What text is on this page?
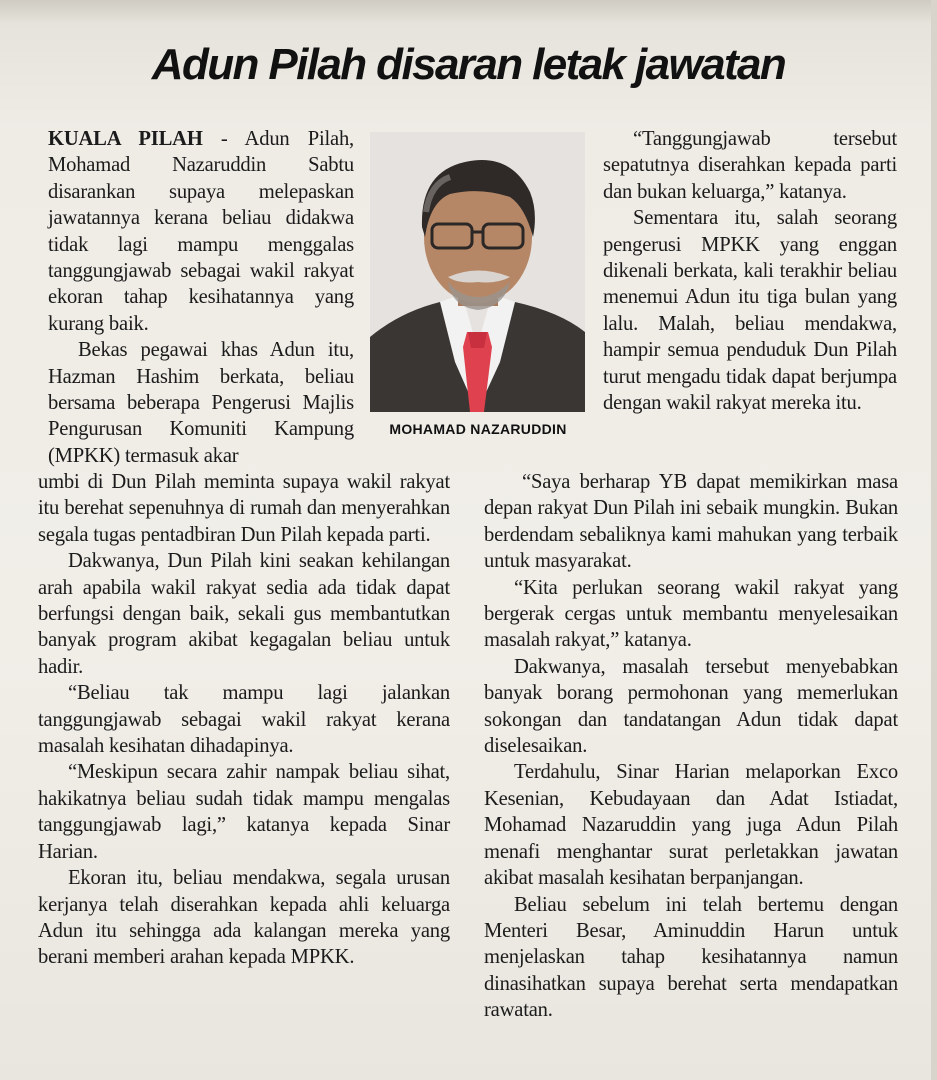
Adun Pilah disaran letak jawatan

KUALA PILAH - Adun Pilah, Mohamad Nazaruddin Sabtu disarankan supaya melepaskan jawatannya kerana beliau didakwa tidak lagi mampu menggalas tanggungjawab sebagai wakil rakyat ekoran tahap kesihatannya yang kurang baik.

Bekas pegawai khas Adun itu, Hazman Hashim berkata, beliau bersama beberapa Pengerusi Majlis Pengurusan Komuniti Kampung (MPKK) termasuk akar

MOHAMAD NAZARUDDIN

umbi di Dun Pilah meminta supaya wakil rakyat itu berehat sepenuhnya di rumah dan menyerahkan segala tugas pentadbiran Dun Pilah kepada parti.

Dakwanya, Dun Pilah kini seakan kehilangan arah apabila wakil rakyat sedia ada tidak dapat berfungsi dengan baik, sekali gus membantutkan banyak program akibat kegagalan beliau untuk hadir.

“Beliau tak mampu lagi jalankan tanggungjawab sebagai wakil rakyat kerana masalah kesihatan dihadapinya.

“Meskipun secara zahir nampak beliau sihat, hakikatnya beliau sudah tidak mampu mengalas tanggungjawab lagi,” katanya kepada Sinar Harian.

Ekoran itu, beliau mendakwa, segala urusan kerjanya telah diserahkan kepada ahli keluarga Adun itu sehingga ada kalangan mereka yang berani memberi arahan kepada MPKK.

“Tanggungjawab tersebut sepatutnya diserahkan kepada parti dan bukan keluarga,” katanya.

Sementara itu, salah seorang pengerusi MPKK yang enggan dikenali berkata, kali terakhir beliau menemui Adun itu tiga bulan yang lalu. Malah, beliau mendakwa, hampir semua penduduk Dun Pilah turut mengadu tidak dapat berjumpa dengan wakil rakyat mereka itu.

“Saya berharap YB dapat memikirkan masa depan rakyat Dun Pilah ini sebaik mungkin. Bukan berdendam sebaliknya kami mahukan yang terbaik untuk masyarakat.

“Kita perlukan seorang wakil rakyat yang bergerak cergas untuk membantu menyelesaikan masalah rakyat,” katanya.

Dakwanya, masalah tersebut menyebabkan banyak borang permohonan yang memerlukan sokongan dan tandatangan Adun tidak dapat diselesaikan.

Terdahulu, Sinar Harian melaporkan Exco Kesenian, Kebudayaan dan Adat Istiadat, Mohamad Nazaruddin yang juga Adun Pilah menafi menghantar surat perletakkan jawatan akibat masalah kesihatan berpanjangan.

Beliau sebelum ini telah bertemu dengan Menteri Besar, Aminuddin Harun untuk menjelaskan tahap kesihatannya namun dinasihatkan supaya berehat serta mendapatkan rawatan.
